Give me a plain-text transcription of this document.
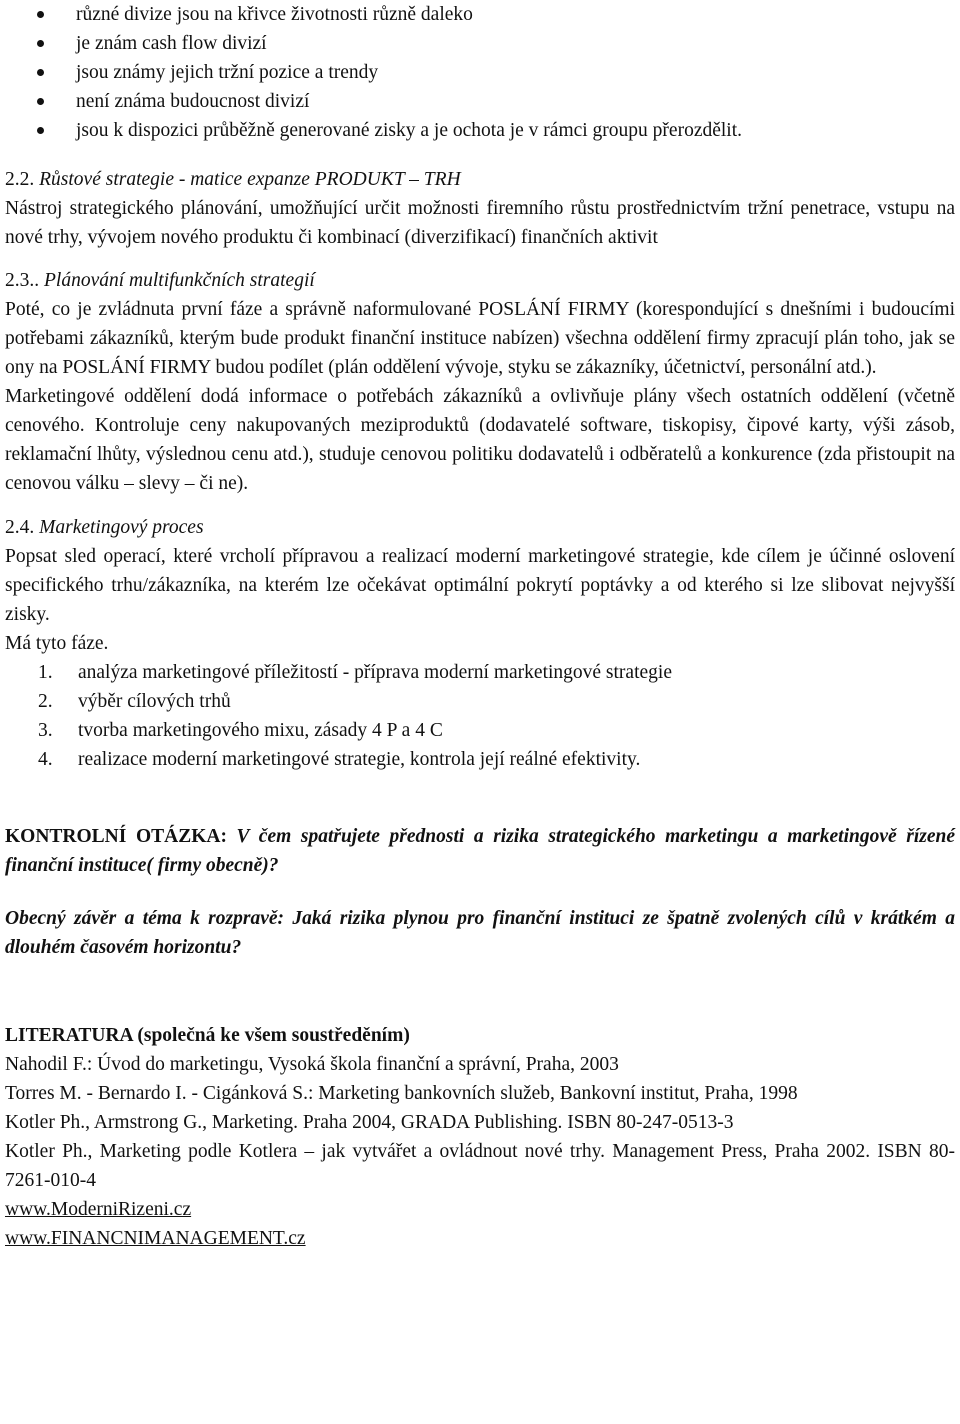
různé divize jsou na křivce životnosti různě daleko
je znám cash flow divizí
jsou známy jejich tržní pozice a trendy
není známa budoucnost divizí
jsou k dispozici průběžně generované zisky a je ochota je v rámci groupu přerozdělit.

2.2. Růstové strategie - matice expanze PRODUKT – TRH

Nástroj strategického plánování, umožňující určit možnosti firemního růstu prostřednictvím tržní penetrace, vstupu na nové trhy, vývojem nového produktu či kombinací (diverzifikací) finančních aktivit

2.3.. Plánování multifunkčních strategií

Poté, co je zvládnuta první fáze a správně naformulované POSLÁNÍ FIRMY (korespondující s dnešními i budoucími potřebami zákazníků, kterým bude produkt finanční instituce nabízen) všechna oddělení firmy zpracují plán toho, jak se ony na POSLÁNÍ FIRMY budou podílet (plán oddělení vývoje, styku se zákazníky, účetnictví, personální atd.).

Marketingové oddělení dodá informace o potřebách zákazníků a ovlivňuje plány všech ostatních oddělení (včetně cenového. Kontroluje ceny nakupovaných meziproduktů (dodavatelé software, tiskopisy, čipové karty, výši zásob, reklamační lhůty, výslednou cenu atd.), studuje cenovou politiku dodavatelů i odběratelů a konkurence (zda přistoupit na cenovou válku – slevy – či ne).

2.4. Marketingový proces

Popsat sled operací, které vrcholí přípravou a realizací moderní marketingové strategie, kde cílem je účinné oslovení specifického trhu/zákazníka, na kterém lze očekávat optimální pokrytí poptávky a od kterého si lze slibovat nejvyšší zisky.

Má tyto fáze.

1. analýza marketingové příležitostí - příprava moderní marketingové strategie
2. výběr cílových trhů
3. tvorba marketingového mixu, zásady 4 P a 4 C
4. realizace moderní marketingové strategie, kontrola její reálné efektivity.

KONTROLNÍ OTÁZKA: V čem spatřujete přednosti a rizika strategického marketingu a marketingově řízené finanční instituce( firmy obecně)?

Obecný závěr a téma k rozpravě: Jaká rizika plynou pro finanční instituci ze špatně zvolených cílů v krátkém a dlouhém časovém horizontu?

LITERATURA (společná ke všem soustředěním)

Nahodil F.: Úvod do marketingu, Vysoká škola finanční a správní, Praha, 2003

Torres M. - Bernardo I. - Cigánková S.: Marketing bankovních služeb, Bankovní institut, Praha, 1998

Kotler Ph., Armstrong G., Marketing. Praha 2004, GRADA Publishing. ISBN 80-247-0513-3

Kotler Ph., Marketing podle Kotlera – jak vytvářet a ovládnout nové trhy. Management Press, Praha 2002. ISBN 80-7261-010-4

www.ModerniRizeni.cz

www.FINANCNIMANAGEMENT.cz
